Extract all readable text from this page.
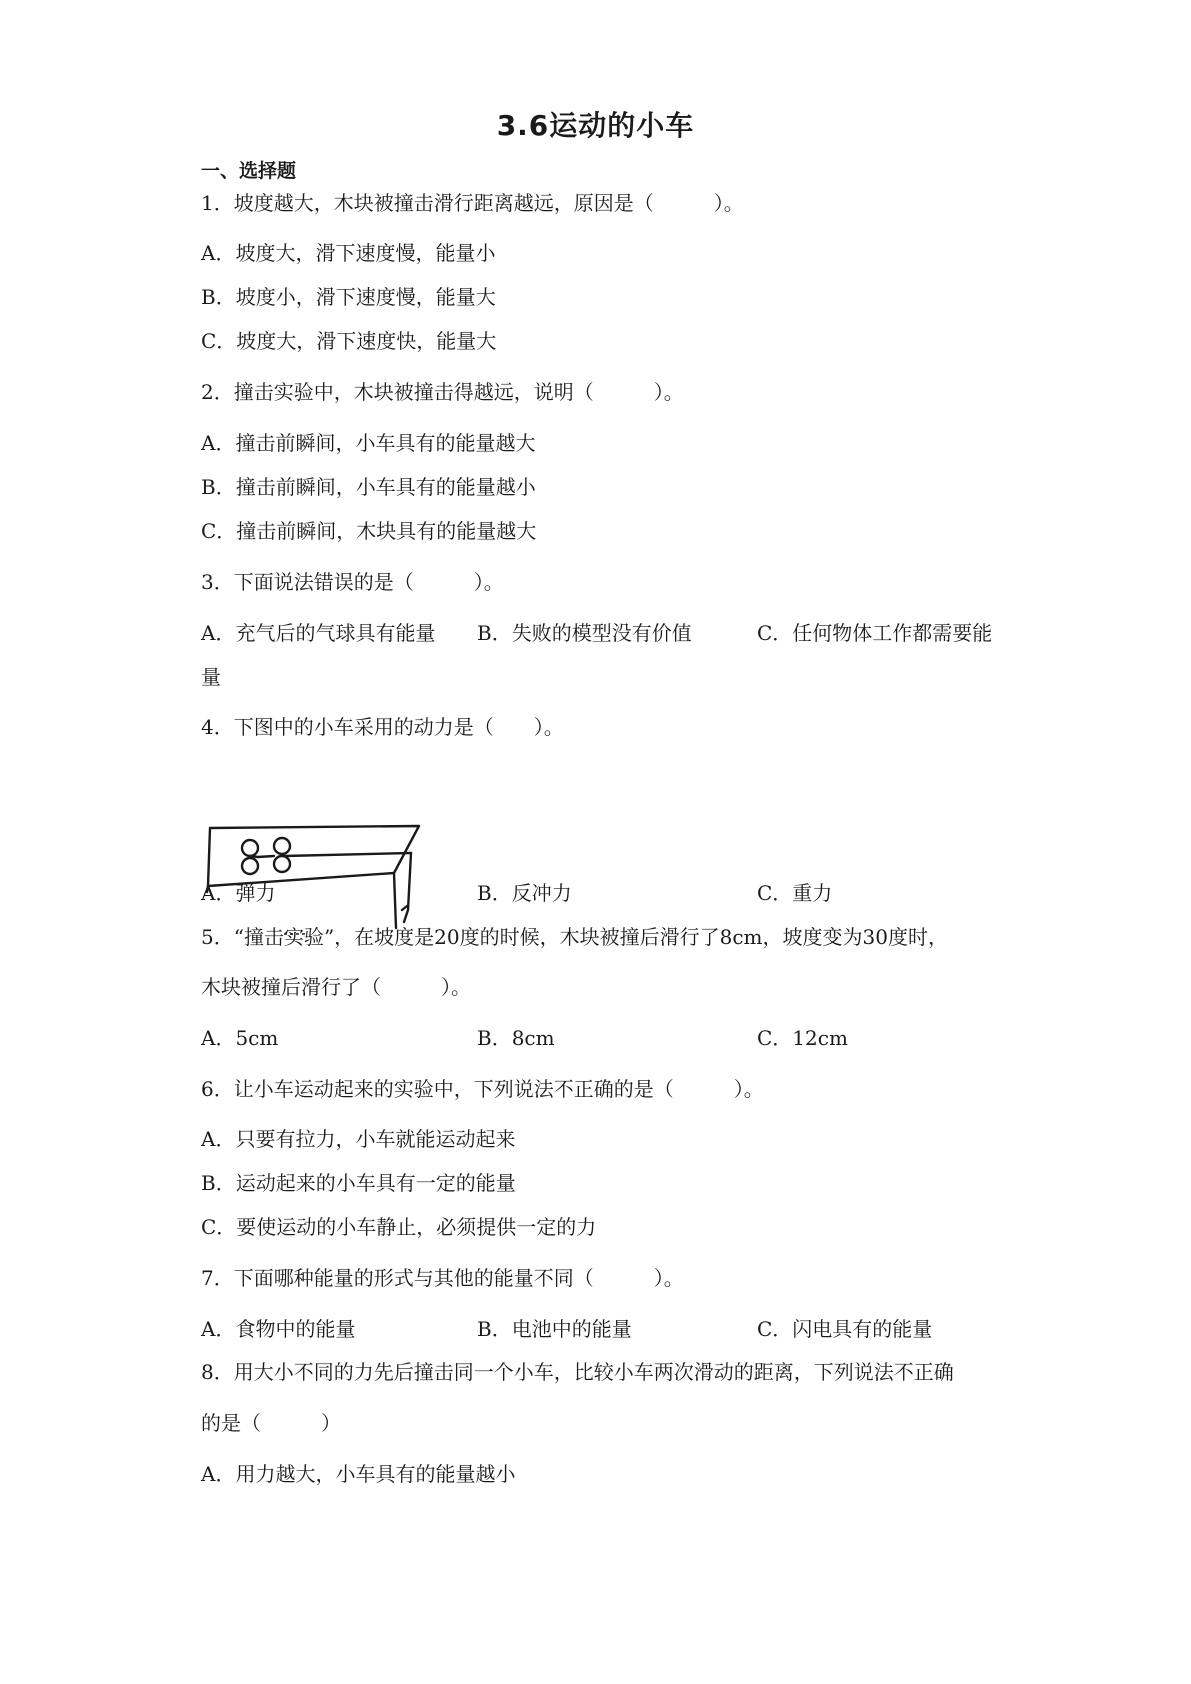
3.6运动的小车
一、选择题
1．坡度越大，木块被撞击滑行距离越远，原因是（　　　）。
A．坡度大，滑下速度慢，能量小
B．坡度小，滑下速度慢，能量大
C．坡度大，滑下速度快，能量大
2．撞击实验中，木块被撞击得越远，说明（　　　）。
A．撞击前瞬间，小车具有的能量越大
B．撞击前瞬间，小车具有的能量越小
C．撞击前瞬间，木块具有的能量越大
3．下面说法错误的是（　　　）。
A．充气后的气球具有能量 B．失败的模型没有价值	C．任何物体工作都需要能
量
4．下图中的小车采用的动力是（　　）。
A．弹力	B．反冲力	C．重力
5．“撞击实验”，在坡度是20度的时候，木块被撞后滑行了8cm，坡度变为30度时，
木块被撞后滑行了（　　　）。
A．5cm	B．8cm	C．12cm
6．让小车运动起来的实验中，下列说法不正确的是（　　　）。
A．只要有拉力，小车就能运动起来
B．运动起来的小车具有一定的能量
C．要使运动的小车静止，必须提供一定的力
7．下面哪种能量的形式与其他的能量不同（　　　）。
A．食物中的能量	B．电池中的能量	C．闪电具有的能量
8．用大小不同的力先后撞击同一个小车，比较小车两次滑动的距离，下列说法不正确
的是（　　　）
A．用力越大，小车具有的能量越小
